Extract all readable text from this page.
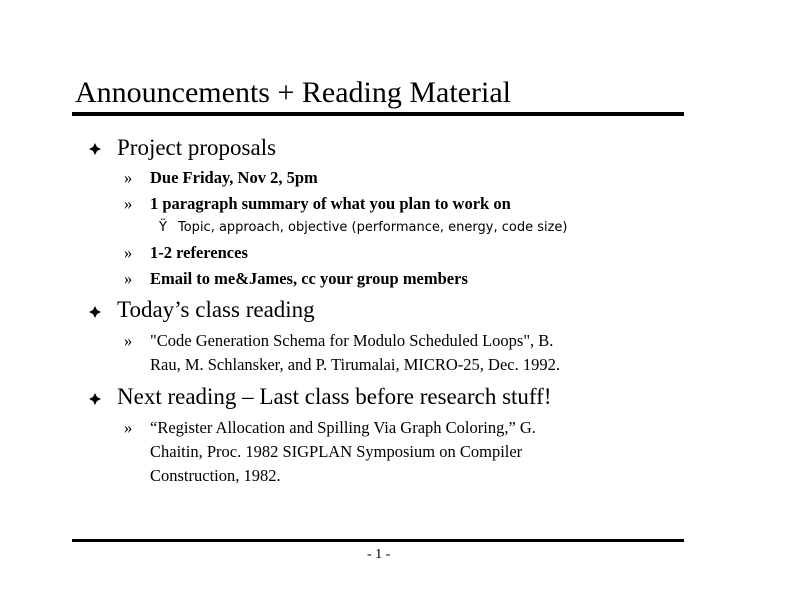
Announcements + Reading Material
Project proposals
» Due Friday, Nov 2, 5pm
» 1 paragraph summary of what you plan to work on
Ÿ Topic, approach, objective (performance, energy, code size)
» 1-2 references
» Email to me&James, cc your group members
Today’s class reading
» "Code Generation Schema for Modulo Scheduled Loops", B.
Rau, M. Schlansker, and P. Tirumalai, MICRO-25, Dec. 1992.
Next reading – Last class before research stuff!
» “Register Allocation and Spilling Via Graph Coloring,” G.
Chaitin, Proc. 1982 SIGPLAN Symposium on Compiler
Construction, 1982.
- 1 -
